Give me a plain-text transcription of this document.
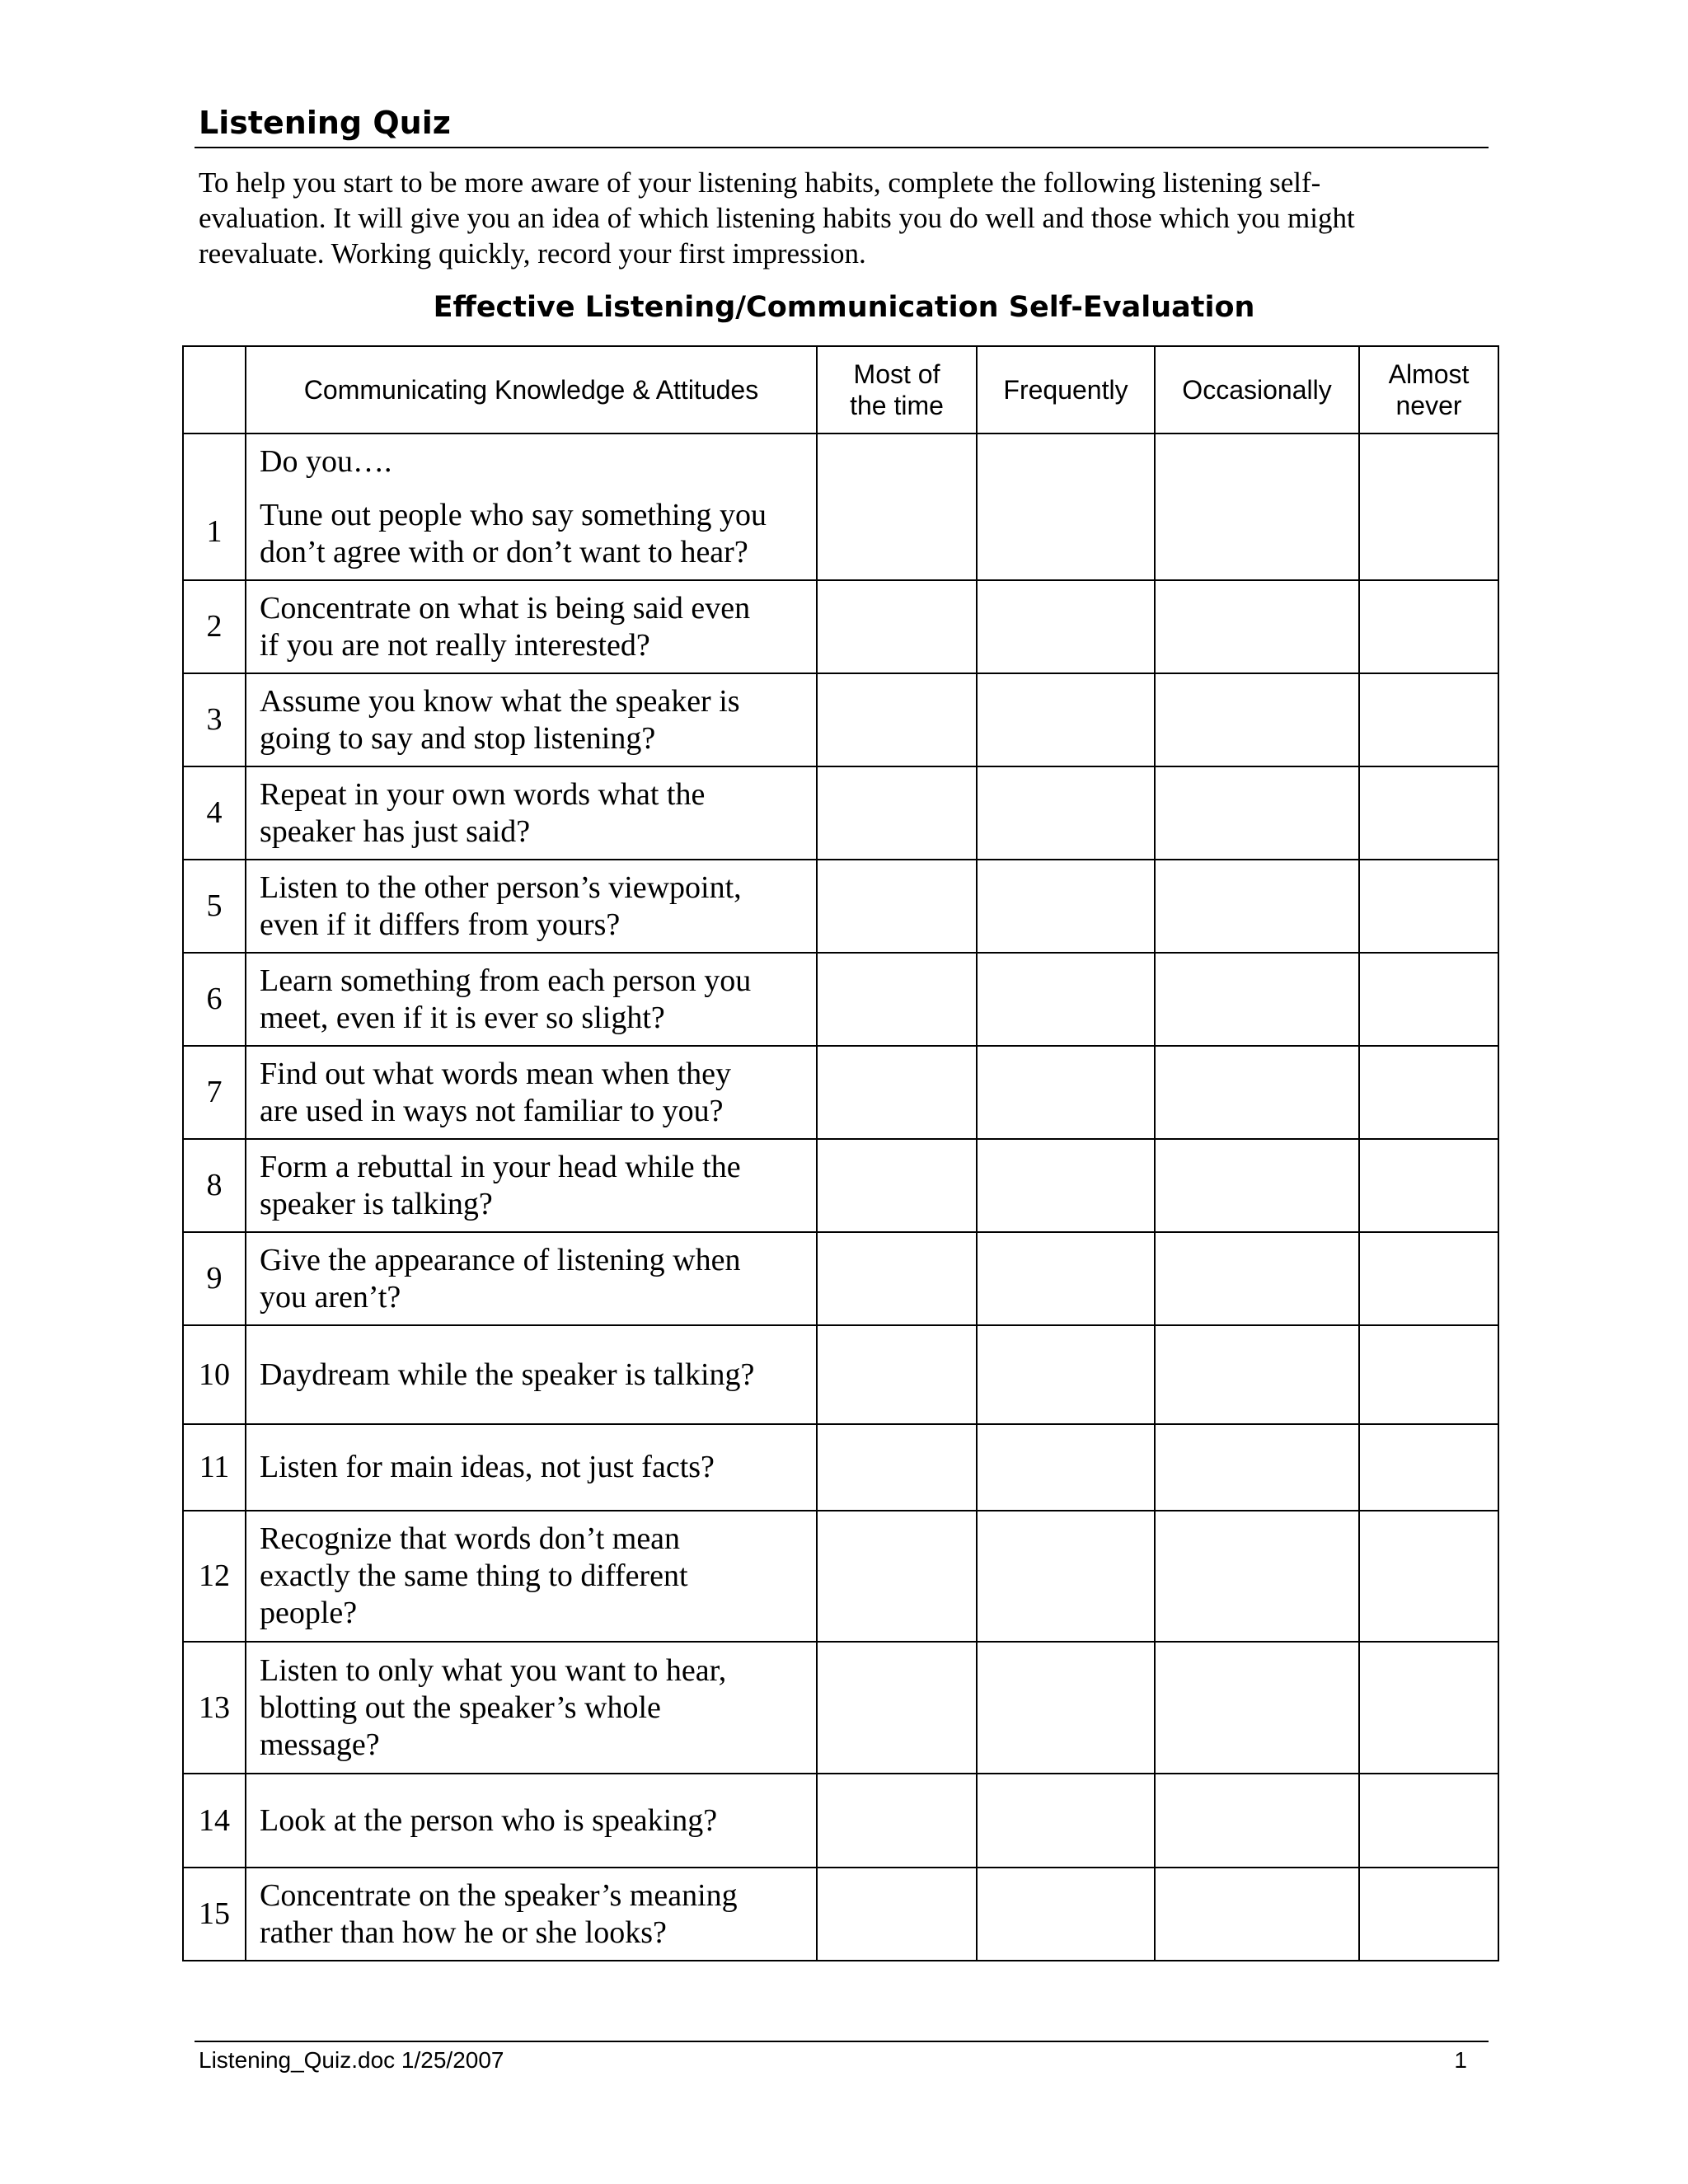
Listening Quiz

To help you start to be more aware of your listening habits, complete the following listening self-
evaluation. It will give you an idea of which listening habits you do well and those which you might
reevaluate. Working quickly, record your first impression.

Effective Listening/Communication Self-Evaluation
	Communicating Knowledge & Attitudes	Most of
the time	Frequently	Occasionally	Almost
never
1	Do you….
Tune out people who say something you
don’t agree with or don’t want to hear?				
2	Concentrate on what is being said even
if you are not really interested?				
3	Assume you know what the speaker is
going to say and stop listening?				
4	Repeat in your own words what the
speaker has just said?				
5	Listen to the other person’s viewpoint,
even if it differs from yours?				
6	Learn something from each person you
meet, even if it is ever so slight?				
7	Find out what words mean when they
are used in ways not familiar to you?				
8	Form a rebuttal in your head while the
speaker is talking?				
9	Give the appearance of listening when
you aren’t?				
10	Daydream while the speaker is talking?				
11	Listen for main ideas, not just facts?				
12	Recognize that words don’t mean
exactly the same thing to different
people?				
13	Listen to only what you want to hear,
blotting out the speaker’s whole
message?				
14	Look at the person who is speaking?				
15	Concentrate on the speaker’s meaning
rather than how he or she looks?				
Listening_Quiz.doc 1/25/2007	1
